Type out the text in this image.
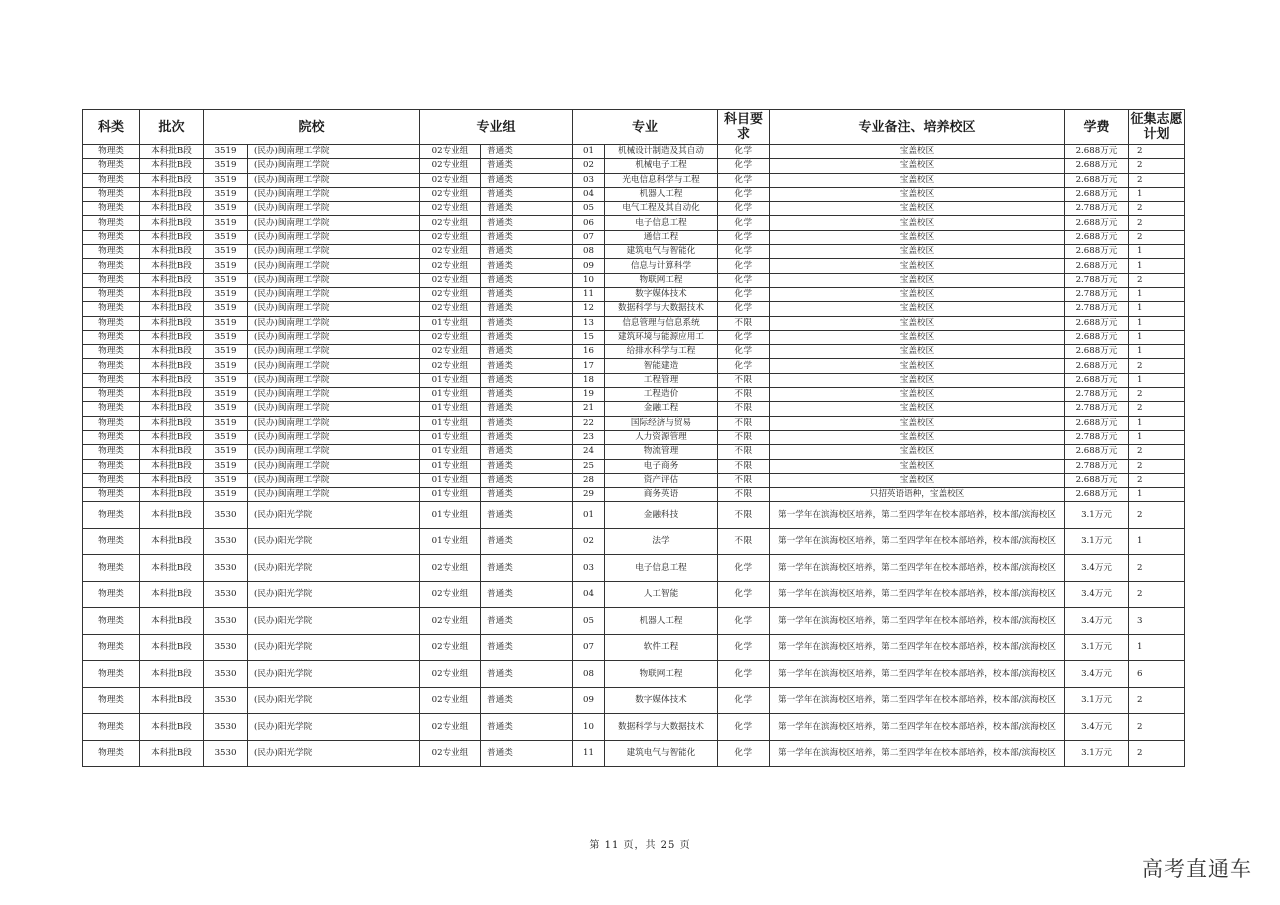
科类	批次	院校		专业组		专业		科目要求	专业备注、培养校区	学费	征集志愿计划
物理类	本科批B段	3519	(民办)闽南理工学院	02专业组	普通类	01	机械设计制造及其自动	化学	宝盖校区	2.688万元	2
物理类	本科批B段	3519	(民办)闽南理工学院	02专业组	普通类	02	机械电子工程	化学	宝盖校区	2.688万元	2
物理类	本科批B段	3519	(民办)闽南理工学院	02专业组	普通类	03	光电信息科学与工程	化学	宝盖校区	2.688万元	2
物理类	本科批B段	3519	(民办)闽南理工学院	02专业组	普通类	04	机器人工程	化学	宝盖校区	2.688万元	1
物理类	本科批B段	3519	(民办)闽南理工学院	02专业组	普通类	05	电气工程及其自动化	化学	宝盖校区	2.788万元	2
物理类	本科批B段	3519	(民办)闽南理工学院	02专业组	普通类	06	电子信息工程	化学	宝盖校区	2.688万元	2
物理类	本科批B段	3519	(民办)闽南理工学院	02专业组	普通类	07	通信工程	化学	宝盖校区	2.688万元	2
物理类	本科批B段	3519	(民办)闽南理工学院	02专业组	普通类	08	建筑电气与智能化	化学	宝盖校区	2.688万元	1
物理类	本科批B段	3519	(民办)闽南理工学院	02专业组	普通类	09	信息与计算科学	化学	宝盖校区	2.688万元	1
物理类	本科批B段	3519	(民办)闽南理工学院	02专业组	普通类	10	物联网工程	化学	宝盖校区	2.788万元	2
物理类	本科批B段	3519	(民办)闽南理工学院	02专业组	普通类	11	数字媒体技术	化学	宝盖校区	2.788万元	1
物理类	本科批B段	3519	(民办)闽南理工学院	02专业组	普通类	12	数据科学与大数据技术	化学	宝盖校区	2.788万元	1
物理类	本科批B段	3519	(民办)闽南理工学院	01专业组	普通类	13	信息管理与信息系统	不限	宝盖校区	2.688万元	1
物理类	本科批B段	3519	(民办)闽南理工学院	02专业组	普通类	15	建筑环境与能源应用工	化学	宝盖校区	2.688万元	1
物理类	本科批B段	3519	(民办)闽南理工学院	02专业组	普通类	16	给排水科学与工程	化学	宝盖校区	2.688万元	1
物理类	本科批B段	3519	(民办)闽南理工学院	02专业组	普通类	17	智能建造	化学	宝盖校区	2.688万元	2
物理类	本科批B段	3519	(民办)闽南理工学院	01专业组	普通类	18	工程管理	不限	宝盖校区	2.688万元	1
物理类	本科批B段	3519	(民办)闽南理工学院	01专业组	普通类	19	工程造价	不限	宝盖校区	2.788万元	2
物理类	本科批B段	3519	(民办)闽南理工学院	01专业组	普通类	21	金融工程	不限	宝盖校区	2.788万元	2
物理类	本科批B段	3519	(民办)闽南理工学院	01专业组	普通类	22	国际经济与贸易	不限	宝盖校区	2.688万元	1
物理类	本科批B段	3519	(民办)闽南理工学院	01专业组	普通类	23	人力资源管理	不限	宝盖校区	2.788万元	1
物理类	本科批B段	3519	(民办)闽南理工学院	01专业组	普通类	24	物流管理	不限	宝盖校区	2.688万元	2
物理类	本科批B段	3519	(民办)闽南理工学院	01专业组	普通类	25	电子商务	不限	宝盖校区	2.788万元	2
物理类	本科批B段	3519	(民办)闽南理工学院	01专业组	普通类	28	资产评估	不限	宝盖校区	2.688万元	2
物理类	本科批B段	3519	(民办)闽南理工学院	01专业组	普通类	29	商务英语	不限	只招英语语种，宝盖校区	2.688万元	1
物理类	本科批B段	3530	(民办)阳光学院	01专业组	普通类	01	金融科技	不限	第一学年在滨海校区培养，第二至四学年在校本部培养，校本部/滨海校区	3.1万元	2
物理类	本科批B段	3530	(民办)阳光学院	01专业组	普通类	02	法学	不限	第一学年在滨海校区培养，第二至四学年在校本部培养，校本部/滨海校区	3.1万元	1
物理类	本科批B段	3530	(民办)阳光学院	02专业组	普通类	03	电子信息工程	化学	第一学年在滨海校区培养，第二至四学年在校本部培养，校本部/滨海校区	3.4万元	2
物理类	本科批B段	3530	(民办)阳光学院	02专业组	普通类	04	人工智能	化学	第一学年在滨海校区培养，第二至四学年在校本部培养，校本部/滨海校区	3.4万元	2
物理类	本科批B段	3530	(民办)阳光学院	02专业组	普通类	05	机器人工程	化学	第一学年在滨海校区培养，第二至四学年在校本部培养，校本部/滨海校区	3.4万元	3
物理类	本科批B段	3530	(民办)阳光学院	02专业组	普通类	07	软件工程	化学	第一学年在滨海校区培养，第二至四学年在校本部培养，校本部/滨海校区	3.1万元	1
物理类	本科批B段	3530	(民办)阳光学院	02专业组	普通类	08	物联网工程	化学	第一学年在滨海校区培养，第二至四学年在校本部培养，校本部/滨海校区	3.4万元	6
物理类	本科批B段	3530	(民办)阳光学院	02专业组	普通类	09	数字媒体技术	化学	第一学年在滨海校区培养，第二至四学年在校本部培养，校本部/滨海校区	3.1万元	2
物理类	本科批B段	3530	(民办)阳光学院	02专业组	普通类	10	数据科学与大数据技术	化学	第一学年在滨海校区培养，第二至四学年在校本部培养，校本部/滨海校区	3.4万元	2
物理类	本科批B段	3530	(民办)阳光学院	02专业组	普通类	11	建筑电气与智能化	化学	第一学年在滨海校区培养，第二至四学年在校本部培养，校本部/滨海校区	3.1万元	2
第 11 页，共 25 页
高考直通车
